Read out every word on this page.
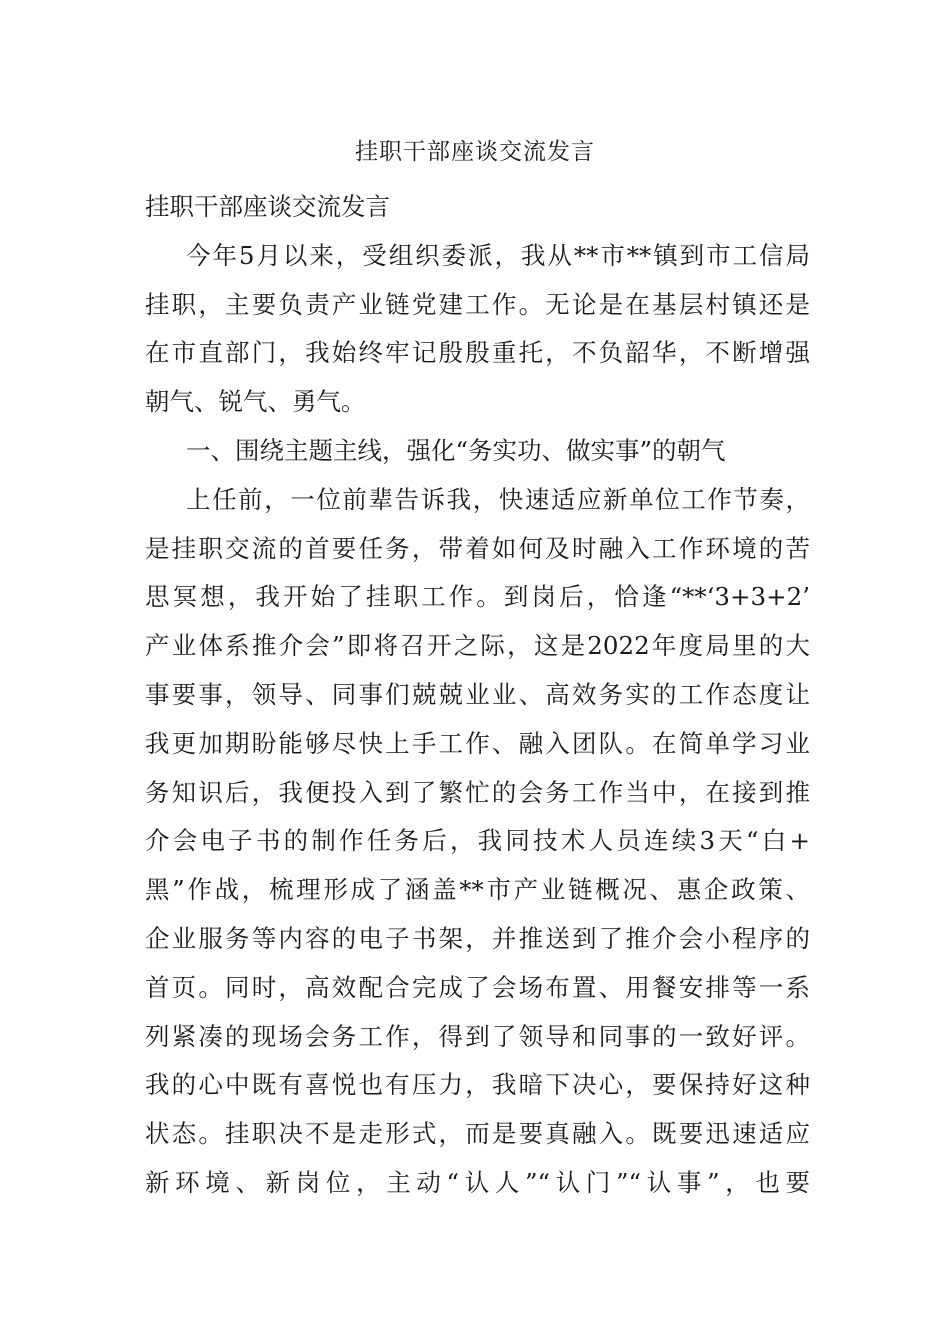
挂职干部座谈交流发言
挂职干部座谈交流发言
今年5月以来，受组织委派，我从**市**镇到市工信局
挂职，主要负责产业链党建工作。无论是在基层村镇还是
在市直部门，我始终牢记殷殷重托，不负韶华，不断增强
朝气、锐气、勇气。
一、围绕主题主线，强化“务实功、做实事”的朝气
上任前，一位前辈告诉我，快速适应新单位工作节奏，
是挂职交流的首要任务，带着如何及时融入工作环境的苦
思冥想，我开始了挂职工作。到岗后，恰逢“**‘3+3+2’
产业体系推介会”即将召开之际，这是2022年度局里的大
事要事，领导、同事们兢兢业业、高效务实的工作态度让
我更加期盼能够尽快上手工作、融入团队。在简单学习业
务知识后，我便投入到了繁忙的会务工作当中，在接到推
介会电子书的制作任务后，我同技术人员连续3天“白+
黑”作战，梳理形成了涵盖**市产业链概况、惠企政策、
企业服务等内容的电子书架，并推送到了推介会小程序的
首页。同时，高效配合完成了会场布置、用餐安排等一系
列紧凑的现场会务工作，得到了领导和同事的一致好评。
我的心中既有喜悦也有压力，我暗下决心，要保持好这种
状态。挂职决不是走形式，而是要真融入。既要迅速适应
新环境、新岗位，主动“认人”“认门”“认事”，也要
